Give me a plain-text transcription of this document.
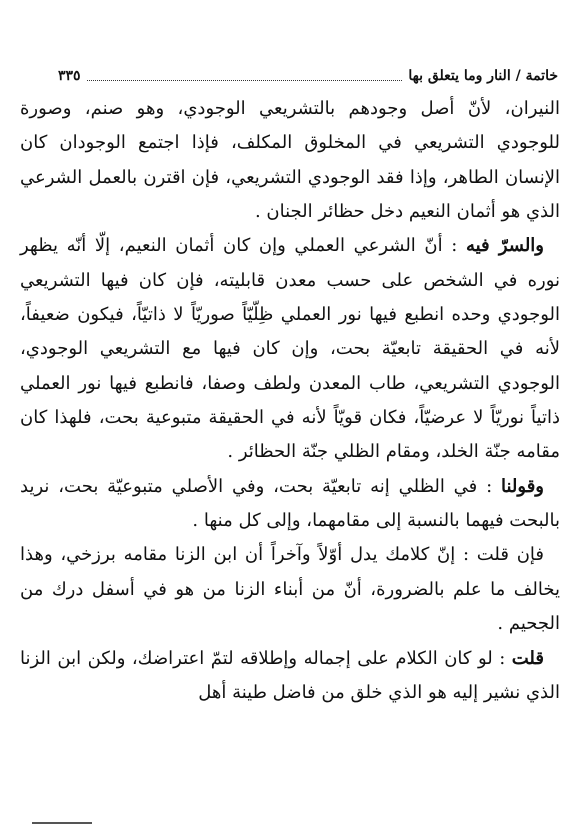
خاتمة / النار وما يتعلق بها
٣٣٥

النيران، لأنّ أصل وجودهم بالتشريعي الوجودي، وهو صنم، وصورة للوجودي التشريعي في المخلوق المكلف، فإذا اجتمع الوجودان كان الإنسان الطاهر، وإذا فقد الوجودي التشريعي، فإن اقترن بالعمل الشرعي الذي هو أثمان النعيم دخل حظائر الجنان .

والسرّ فيه : أنّ الشرعي العملي وإن كان أثمان النعيم، إلّا أنّه يظهر نوره في الشخص على حسب معدن قابليته، فإن كان فيها التشريعي الوجودي وحده انطبع فيها نور العملي ظِلّيّاً صوريّاً لا ذاتيّاً، فيكون ضعيفاً، لأنه في الحقيقة تابعيّة بحت، وإن كان فيها مع التشريعي الوجودي، الوجودي التشريعي، طاب المعدن ولطف وصفا، فانطبع فيها نور العملي ذاتياً نوريّاً لا عرضيّاً، فكان قويّاً لأنه في الحقيقة متبوعية بحت، فلهذا كان مقامه جنّة الخلد، ومقام الظلي جنّة الحظائر .

وقولنا : في الظلي إنه تابعيّة بحت، وفي الأصلي متبوعيّة بحت، نريد بالبحت فيهما بالنسبة إلى مقامهما، وإلى كل منها .

فإن قلت : إنّ كلامك يدل أوّلاً وآخراً أن ابن الزنا مقامه برزخي، وهذا يخالف ما علم بالضرورة، أنّ من أبناء الزنا من هو في أسفل درك من الجحيم .

قلت : لو كان الكلام على إجماله وإطلاقه لتمّ اعتراضك، ولكن ابن الزنا الذي نشير إليه هو الذي خلق من فاضل طينة أهل
